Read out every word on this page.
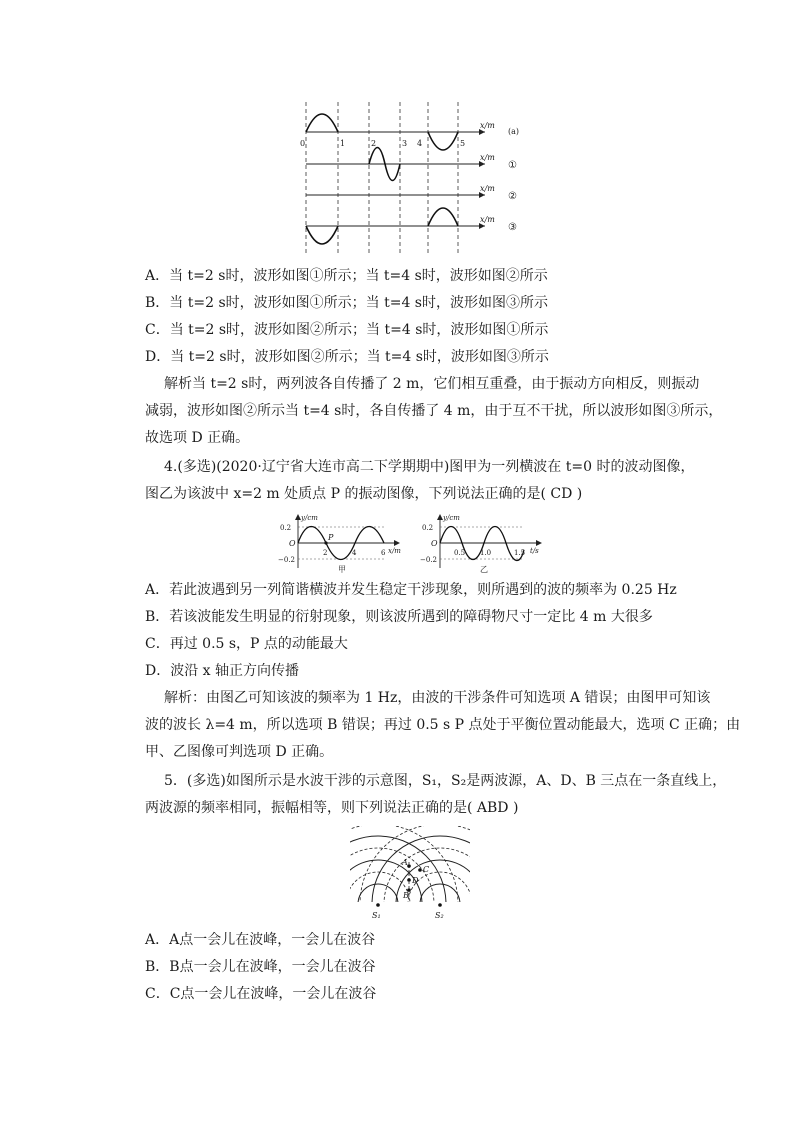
x/m
(a)
0	1	2	3 4	5
x/m
①
x/m
②
x/m
③
A．当 t=2 s时，波形如图①所示；当 t=4 s时，波形如图②所示
B．当 t=2 s时，波形如图①所示；当 t=4 s时，波形如图③所示
C．当 t=2 s时，波形如图②所示；当 t=4 s时，波形如图①所示
D．当 t=2 s时，波形如图②所示；当 t=4 s时，波形如图③所示
解析当 t=2 s时，两列波各自传播了 2 m，它们相互重叠，由于振动方向相反，则振动
减弱，波形如图②所示当 t=4 s时，各自传播了 4 m，由于互不干扰，所以波形如图③所示，
故选项 D 正确。
4.(多选)(2020·辽宁省大连市高二下学期期中)图甲为一列横波在 t=0 时的波动图像，
图乙为该波中 x=2 m 处质点 P 的振动图像，下列说法正确的是( CD )
y/cm
0.2
−0.2
O
P
2	4	6 x/m
甲
y/cm
0.2
−0.2
O
0.5 1.0	1.5 t/s
乙
A．若此波遇到另一列简谐横波并发生稳定干涉现象，则所遇到的波的频率为 0.25 Hz
B．若该波能发生明显的衍射现象，则该波所遇到的障碍物尺寸一定比 4 m 大很多
C．再过 0.5 s，P 点的动能最大
D．波沿 x 轴正方向传播
解析：由图乙可知该波的频率为 1 Hz，由波的干涉条件可知选项 A 错误；由图甲可知该
波的波长 λ=4 m，所以选项 B 错误；再过 0.5 s P 点处于平衡位置动能最大，选项 C 正确；由
甲、乙图像可判选项 D 正确。
5．(多选)如图所示是水波干涉的示意图，S₁，S₂是两波源，A、D、B 三点在一条直线上，
两波源的频率相同，振幅相等，则下列说法正确的是( ABD )
A
C
D
B
S₁	S₂
A．A点一会儿在波峰，一会儿在波谷
B．B点一会儿在波峰，一会儿在波谷
C．C点一会儿在波峰，一会儿在波谷
